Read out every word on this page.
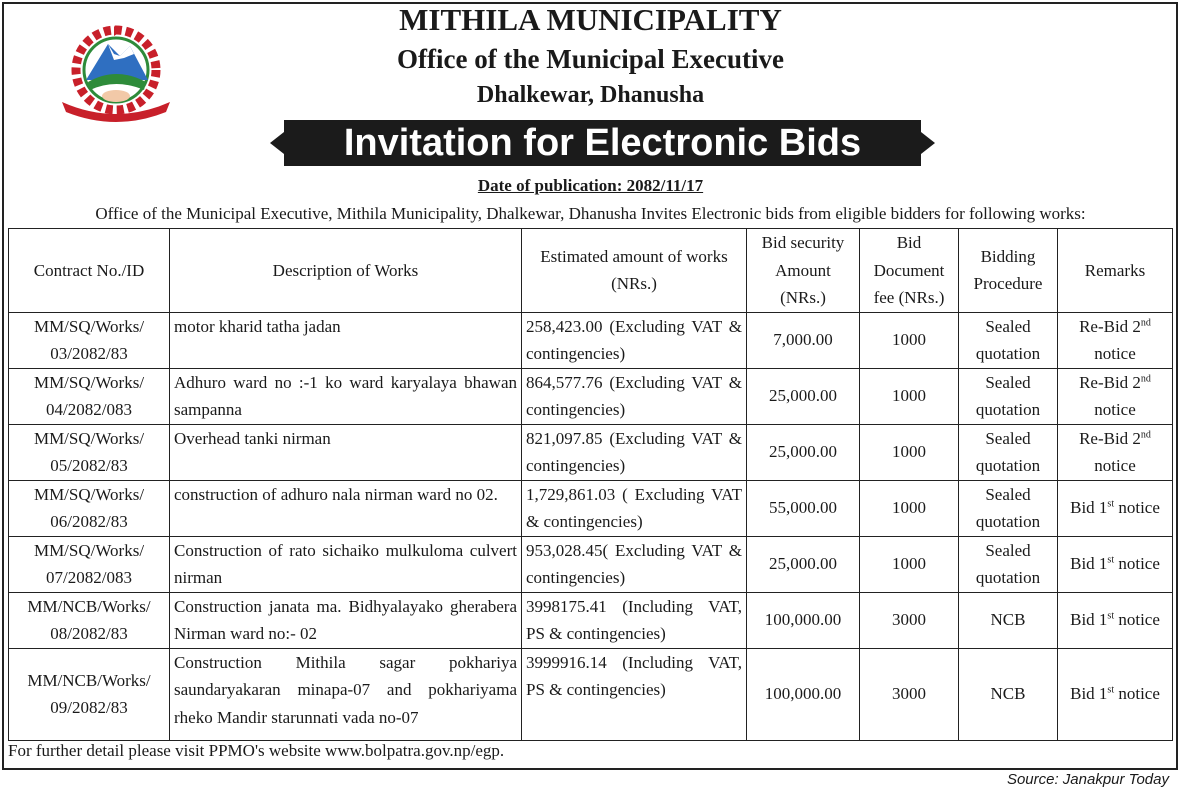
MITHILA MUNICIPALITY
Office of the Municipal Executive
Dhalkewar, Dhanusha
Invitation for Electronic Bids
Date of publication: 2082/11/17
Office of the Municipal Executive, Mithila Municipality, Dhalkewar, Dhanusha Invites Electronic bids from eligible bidders for following works:
Contract No./ID	Description of Works	Estimated amount of works (NRs.)	Bid security Amount (NRs.)	Bid Document fee (NRs.)	Bidding Procedure	Remarks
MM/SQ/Works/ 03/2082/83	motor kharid tatha jadan	258,423.00 (Excluding VAT & contingencies)	7,000.00	1000	Sealed quotation	Re-Bid 2nd notice
MM/SQ/Works/ 04/2082/083	Adhuro ward no :-1 ko ward karyalaya bhawan sampanna	864,577.76 (Excluding VAT & contingencies)	25,000.00	1000	Sealed quotation	Re-Bid 2nd notice
MM/SQ/Works/ 05/2082/83	Overhead tanki nirman	821,097.85 (Excluding VAT & contingencies)	25,000.00	1000	Sealed quotation	Re-Bid 2nd notice
MM/SQ/Works/ 06/2082/83	construction of adhuro nala nirman ward no 02.	1,729,861.03 ( Excluding VAT & contingencies)	55,000.00	1000	Sealed quotation	Bid 1st notice
MM/SQ/Works/ 07/2082/083	Construction of rato sichaiko mulkuloma culvert nirman	953,028.45( Excluding VAT & contingencies)	25,000.00	1000	Sealed quotation	Bid 1st notice
MM/NCB/Works/ 08/2082/83	Construction janata ma. Bidhyalayako gherabera Nirman ward no:- 02	3998175.41 (Including VAT, PS & contingencies)	100,000.00	3000	NCB	Bid 1st notice
MM/NCB/Works/ 09/2082/83	Construction Mithila sagar pokhariya saundaryakaran minapa-07 and pokhariyama rheko Mandir starunnati vada no-07	3999916.14 (Including VAT, PS & contingencies)	100,000.00	3000	NCB	Bid 1st notice
For further detail please visit PPMO's website www.bolpatra.gov.np/egp.
Source: Janakpur Today
